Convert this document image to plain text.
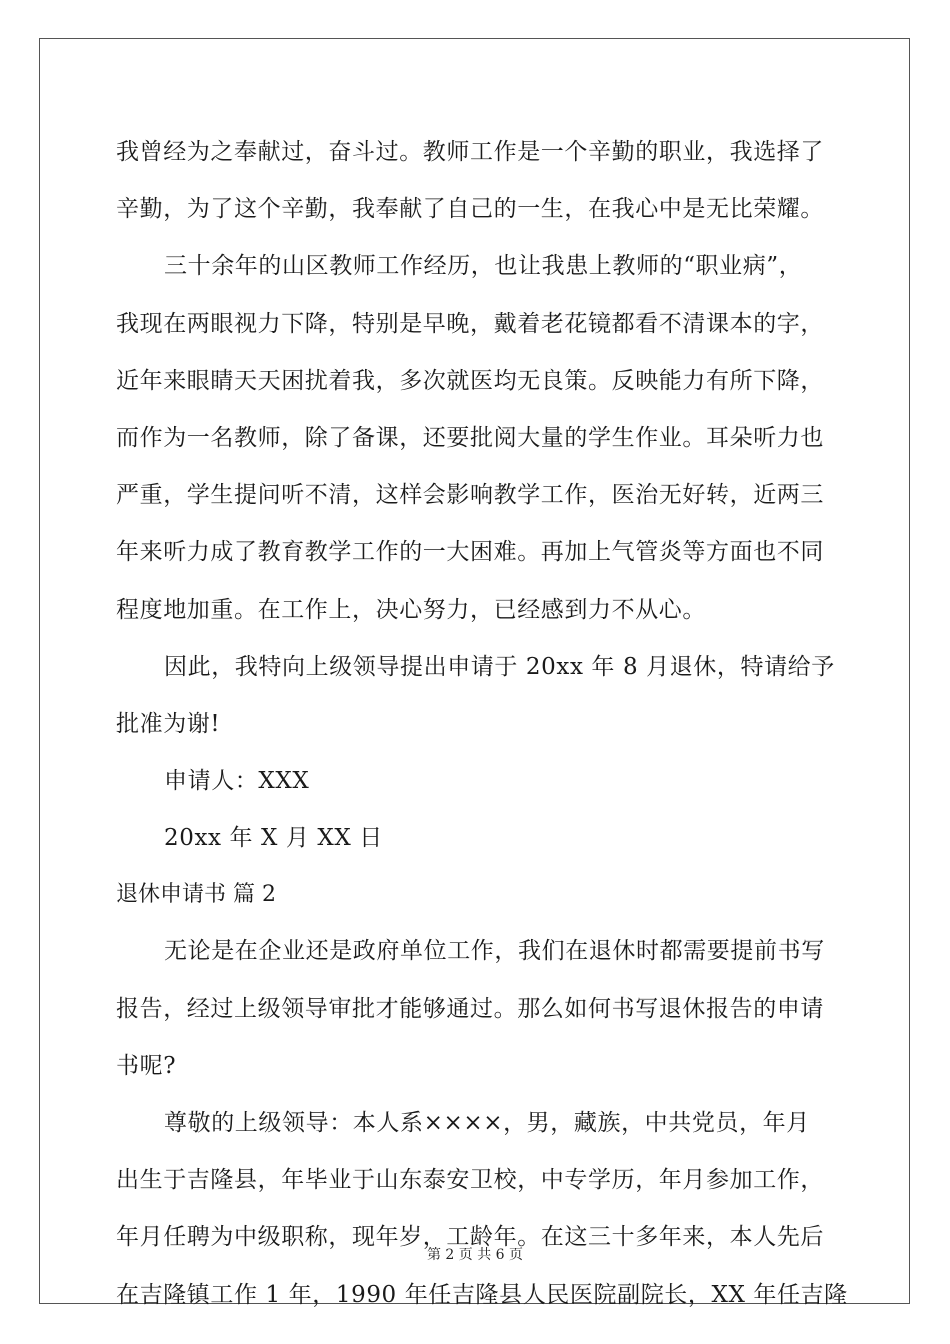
我曾经为之奉献过，奋斗过。教师工作是一个辛勤的职业，我选择了
辛勤，为了这个辛勤，我奉献了自己的一生，在我心中是无比荣耀。
三十余年的山区教师工作经历，也让我患上教师的“职业病”，
我现在两眼视力下降，特别是早晚，戴着老花镜都看不清课本的字，
近年来眼睛天天困扰着我，多次就医均无良策。反映能力有所下降，
而作为一名教师，除了备课，还要批阅大量的学生作业。耳朵听力也
严重，学生提问听不清，这样会影响教学工作，医治无好转，近两三
年来听力成了教育教学工作的一大困难。再加上气管炎等方面也不同
程度地加重。在工作上，决心努力，已经感到力不从心。
因此，我特向上级领导提出申请于 20xx 年 8 月退休，特请给予
批准为谢!
申请人：XXX
20xx 年 X 月 XX 日
退休申请书 篇 2
无论是在企业还是政府单位工作，我们在退休时都需要提前书写
报告，经过上级领导审批才能够通过。那么如何书写退休报告的申请
书呢?
尊敬的上级领导：本人系××××，男，藏族，中共党员，年月
出生于吉隆县，年毕业于山东泰安卫校，中专学历，年月参加工作，
年月任聘为中级职称，现年岁，工龄年。在这三十多年来，本人先后
在吉隆镇工作 1 年，1990 年任吉隆县人民医院副院长，XX 年任吉隆
第 2 页 共 6 页
